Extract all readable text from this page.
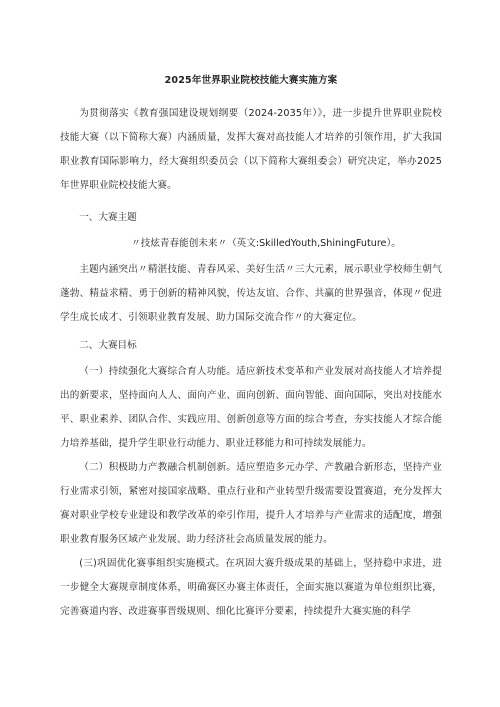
2025年世界职业院校技能大赛实施方案

为贯彻落实《教育强国建设规划纲要（2024-2035年）》，进一步提升世界职业院校技能大赛（以下简称大赛）内涵质量，发挥大赛对高技能人才培养的引领作用，扩大我国职业教育国际影响力，经大赛组织委员会（以下简称大赛组委会）研究决定，举办2025年世界职业院校技能大赛。

一、大赛主题

〃技炫青春能创未来〃（英文:SkilledYouth,ShiningFuture）。

主题内涵突出〃精湛技能、青春风采、美好生活〃三大元素，展示职业学校师生朝气蓬勃、精益求精、勇于创新的精神风貌，传达友谊、合作、共赢的世界强音，体现〃促进学生成长成才、引领职业教育发展、助力国际交流合作〃的大赛定位。

二、大赛目标

（一）持续强化大赛综合育人功能。适应新技术变革和产业发展对高技能人才培养提出的新要求，坚持面向人人、面向产业、面向创新、面向智能、面向国际，突出对技能水平、职业素养、团队合作、实践应用、创新创意等方面的综合考查，夯实技能人才综合能力培养基础，提升学生职业行动能力、职业迁移能力和可持续发展能力。

（二）积极助力产教融合机制创新。适应塑造多元办学、产教融合新形态，坚持产业行业需求引领，紧密对接国家战略、重点行业和产业转型升级需要设置赛道，充分发挥大赛对职业学校专业建设和教学改革的牵引作用，提升人才培养与产业需求的适配度，增强职业教育服务区域产业发展、助力经济社会高质量发展的能力。

(三)巩固优化赛事组织实施模式。在巩固大赛升级成果的基础上，坚持稳中求进，进一步健全大赛规章制度体系，明确赛区办赛主体责任，全面实施以赛道为单位组织比赛，完善赛道内容、改进赛事晋级规则、细化比赛评分要素，持续提升大赛实施的科学
